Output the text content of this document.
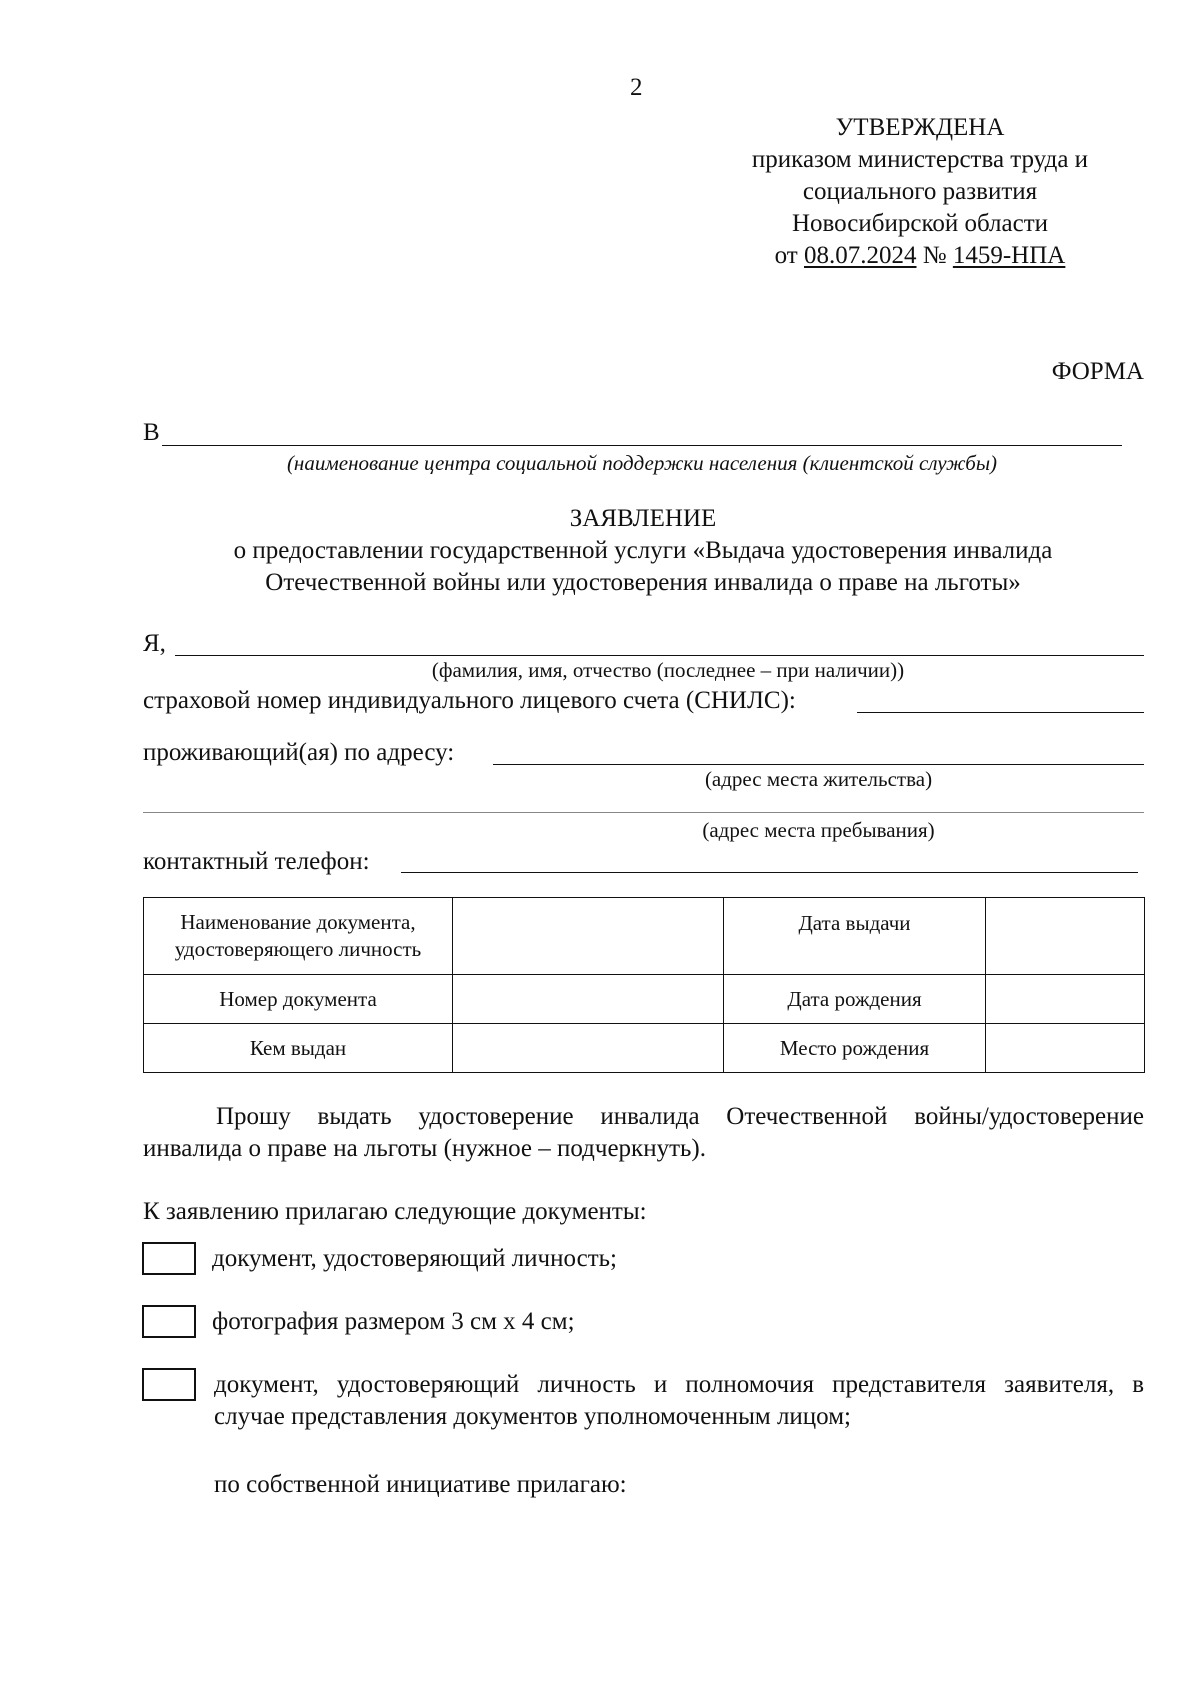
2
УТВЕРЖДЕНА
приказом министерства труда и
социального развития
Новосибирской области
от 08.07.2024 № 1459-НПА
ФОРМА
В
(наименование центра социальной поддержки населения (клиентской службы)
ЗАЯВЛЕНИЕ
о предоставлении государственной услуги «Выдача удостоверения инвалида
Отечественной войны или удостоверения инвалида о праве на льготы»
Я,
(фамилия, имя, отчество (последнее – при наличии))
страховой номер индивидуального лицевого счета (СНИЛС):
проживающий(ая) по адресу:
(адрес места жительства)
(адрес места пребывания)
контактный телефон:
Наименование документа,
удостоверяющего личность		Дата выдачи	
Номер документа		Дата рождения	
Кем выдан		Место рождения	
Прошу выдать удостоверение инвалида Отечественной войны/удостоверение
инвалида о праве на льготы (нужное – подчеркнуть).
К заявлению прилагаю следующие документы:
документ, удостоверяющий личность;
фотография размером 3 см х 4 см;
документ, удостоверяющий личность и полномочия представителя заявителя, в
случае представления документов уполномоченным лицом;
по собственной инициативе прилагаю:
